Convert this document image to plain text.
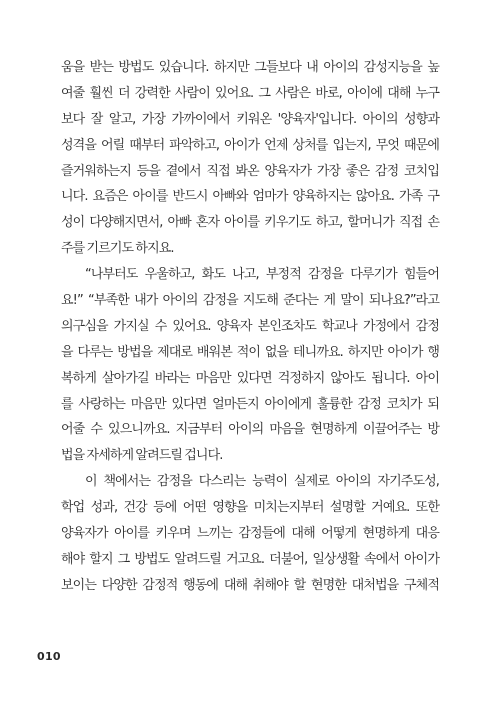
움을 받는 방법도 있습니다. 하지만 그들보다 내 아이의 감성지능을 높
여줄 훨씬 더 강력한 사람이 있어요. 그 사람은 바로, 아이에 대해 누구
보다 잘 알고, 가장 가까이에서 키워온 '양육자'입니다. 아이의 성향과
성격을 어릴 때부터 파악하고, 아이가 언제 상처를 입는지, 무엇 때문에
즐거워하는지 등을 곁에서 직접 봐온 양육자가 가장 좋은 감정 코치입
니다. 요즘은 아이를 반드시 아빠와 엄마가 양육하지는 않아요. 가족 구
성이 다양해지면서, 아빠 혼자 아이를 키우기도 하고, 할머니가 직접 손
주를 기르기도 하지요.
“나부터도 우울하고, 화도 나고, 부정적 감정을 다루기가 힘들어
요!” “부족한 내가 아이의 감정을 지도해 준다는 게 말이 되나요?”라고
의구심을 가지실 수 있어요. 양육자 본인조차도 학교나 가정에서 감정
을 다루는 방법을 제대로 배워본 적이 없을 테니까요. 하지만 아이가 행
복하게 살아가길 바라는 마음만 있다면 걱정하지 않아도 됩니다. 아이
를 사랑하는 마음만 있다면 얼마든지 아이에게 훌륭한 감정 코치가 되
어줄 수 있으니까요. 지금부터 아이의 마음을 현명하게 이끌어주는 방
법을 자세하게 알려드릴 겁니다.
이 책에서는 감정을 다스리는 능력이 실제로 아이의 자기주도성,
학업 성과, 건강 등에 어떤 영향을 미치는지부터 설명할 거예요. 또한
양육자가 아이를 키우며 느끼는 감정들에 대해 어떻게 현명하게 대응
해야 할지 그 방법도 알려드릴 거고요. 더불어, 일상생활 속에서 아이가
보이는 다양한 감정적 행동에 대해 취해야 할 현명한 대처법을 구체적
010
